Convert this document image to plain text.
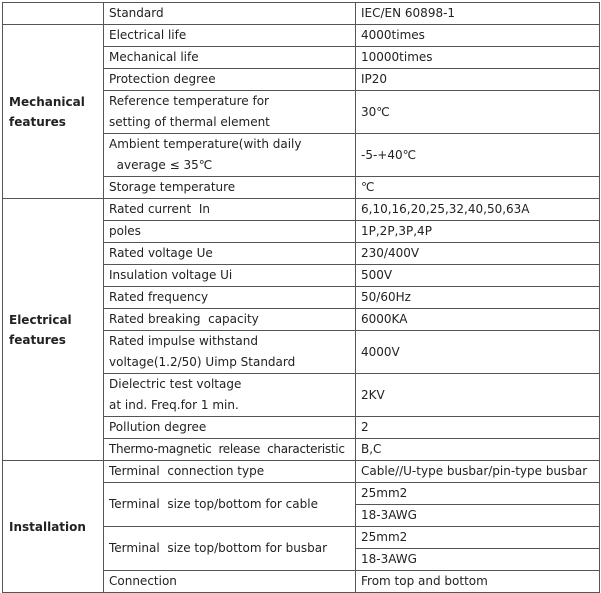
	Standard	IEC/EN 60898-1
Mechanical features	Electrical life	4000times
	Mechanical life	10000times
	Protection degree	IP20

	Reference temperature for
setting of thermal element	30℃

	Ambient temperature(with daily
average ≤ 35℃	-5-+40℃
	Storage temperature	℃
Electrical features	Rated current  In	6,10,16,20,25,32,40,50,63A
	poles	1P,2P,3P,4P
	Rated voltage Ue	230/400V
	Insulation voltage Ui	500V
	Rated frequency	50/60Hz
	Rated breaking  capacity	6000KA

	Rated impulse withstand
voltage(1.2/50) Uimp Standard	4000V

	Dielectric test voltage
at ind. Freq.for 1 min.	2KV
	Pollution degree	2
	Thermo-magnetic  release  characteristic	B,C
Installation	Terminal  connection type	Cable//U-type busbar/pin-type busbar
	Terminal  size top/bottom for cable	25mm2
		18-3AWG
	Terminal  size top/bottom for busbar	25mm2
		18-3AWG
	Connection	From top and bottom
